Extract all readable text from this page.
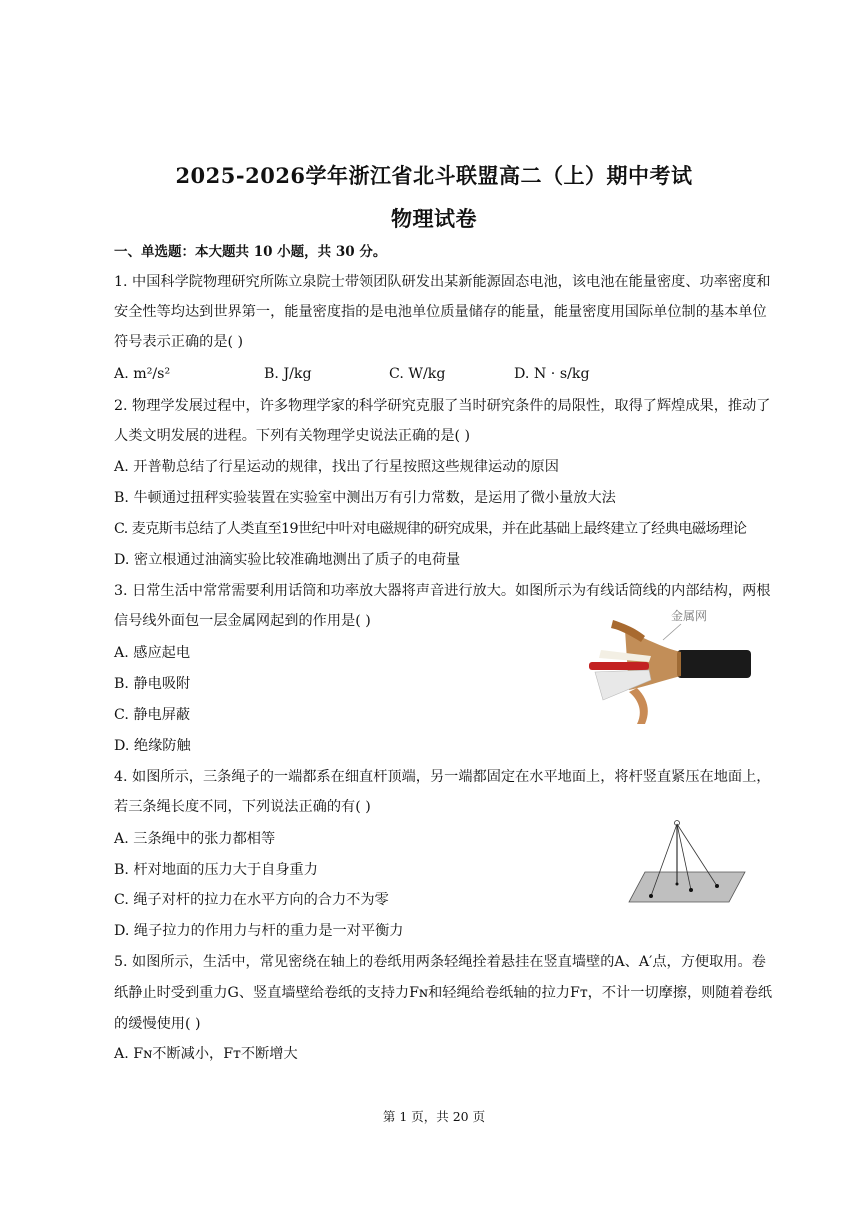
2025-2026学年浙江省北斗联盟高二（上）期中考试
物理试卷
一、单选题：本大题共 10 小题，共 30 分。
1. 中国科学院物理研究所陈立泉院士带领团队研发出某新能源固态电池，该电池在能量密度、功率密度和
安全性等均达到世界第一，能量密度指的是电池单位质量储存的能量，能量密度用国际单位制的基本单位
符号表示正确的是( )
A. m²/s²	B. J/kg	C. W/kg	D. N · s/kg
2. 物理学发展过程中，许多物理学家的科学研究克服了当时研究条件的局限性，取得了辉煌成果，推动了
人类文明发展的进程。下列有关物理学史说法正确的是( )
A. 开普勒总结了行星运动的规律，找出了行星按照这些规律运动的原因
B. 牛顿通过扭秤实验装置在实验室中测出万有引力常数，是运用了微小量放大法
C. 麦克斯韦总结了人类直至19世纪中叶对电磁规律的研究成果，并在此基础上最终建立了经典电磁场理论
D. 密立根通过油滴实验比较准确地测出了质子的电荷量
3. 日常生活中常常需要利用话筒和功率放大器将声音进行放大。如图所示为有线话筒线的内部结构，两根
信号线外面包一层金属网起到的作用是( )
A. 感应起电
B. 静电吸附
C. 静电屏蔽
D. 绝缘防触
金属网
4. 如图所示，三条绳子的一端都系在细直杆顶端，另一端都固定在水平地面上，将杆竖直紧压在地面上，
若三条绳长度不同，下列说法正确的有( )
A. 三条绳中的张力都相等
B. 杆对地面的压力大于自身重力
C. 绳子对杆的拉力在水平方向的合力不为零
D. 绳子拉力的作用力与杆的重力是一对平衡力
5. 如图所示，生活中，常见密绕在轴上的卷纸用两条轻绳拴着悬挂在竖直墙壁的A、A′点，方便取用。卷
纸静止时受到重力G、竖直墙壁给卷纸的支持力Fɴ和轻绳给卷纸轴的拉力Fᴛ，不计一切摩擦，则随着卷纸
的缓慢使用( )
A. Fɴ不断减小，Fᴛ不断增大
第 1 页，共 20 页
